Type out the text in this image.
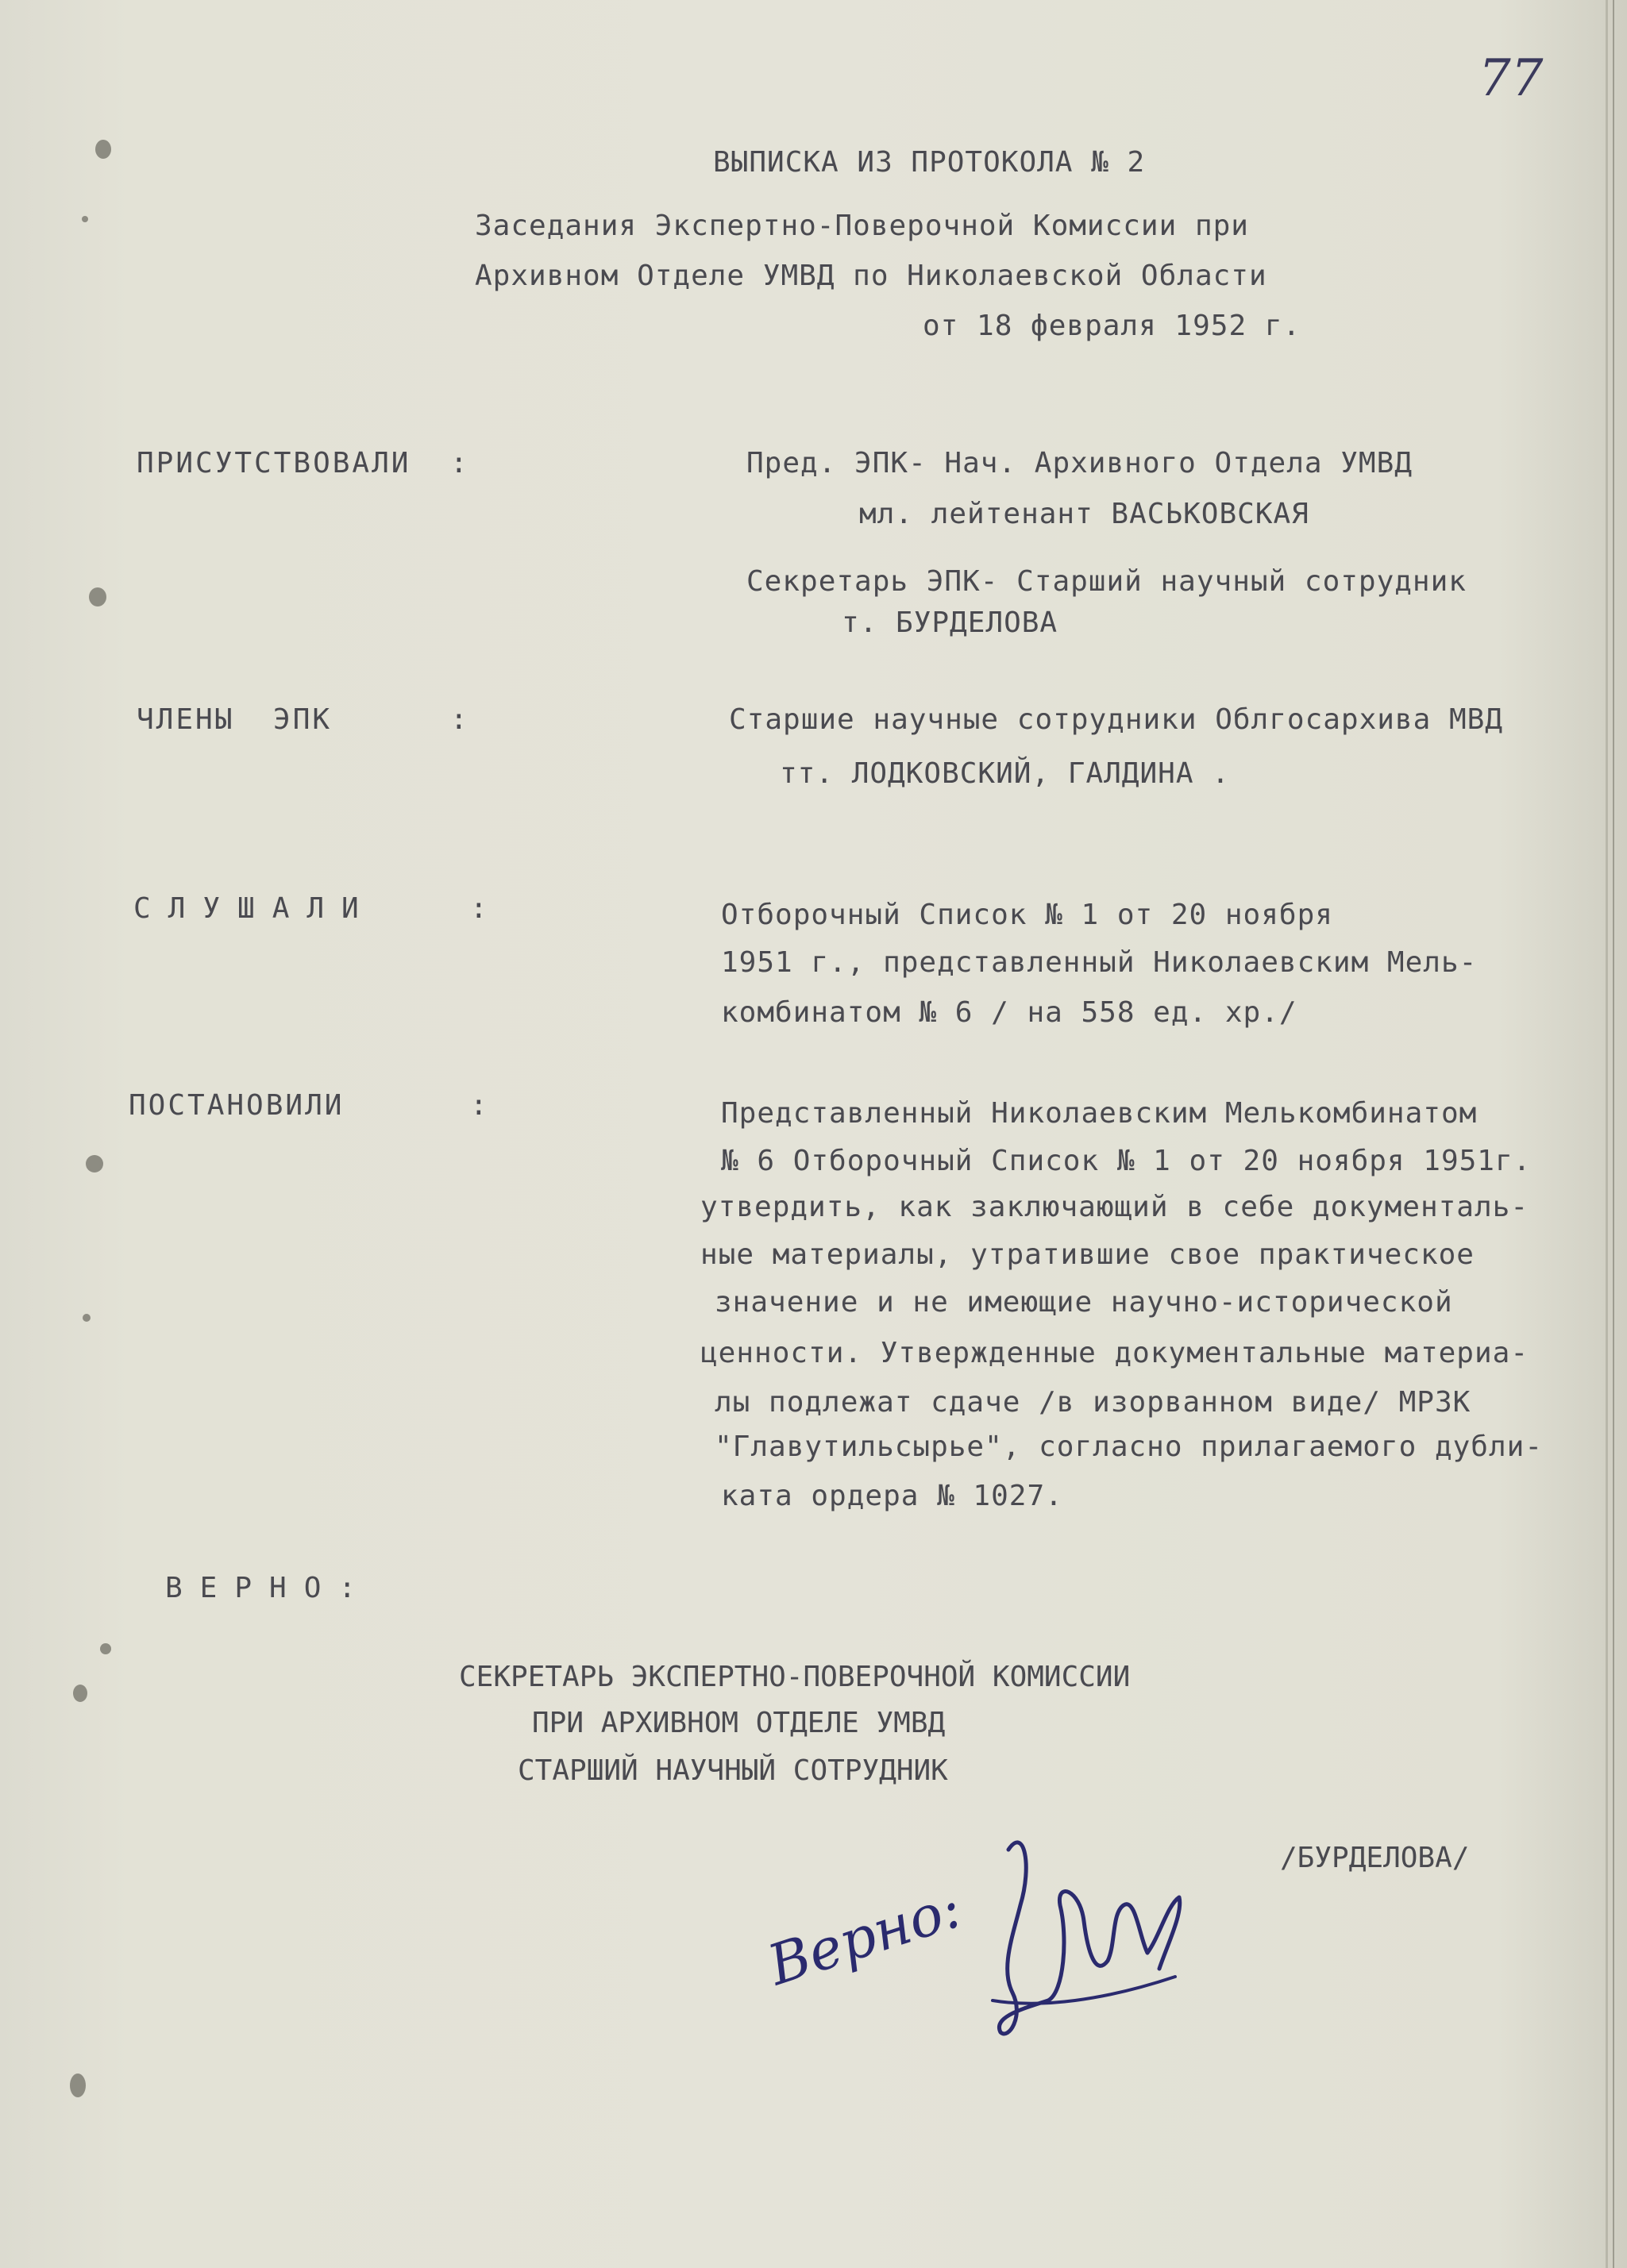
77
ВЫПИСКА ИЗ ПРОТОКОЛА № 2
Заседания Экспертно-Поверочной Комиссии при
Архивном Отделе УМВД по Николаевской Области
от 18 февраля 1952 г.
ПРИСУТСТВОВАЛИ :	Пред. ЭПК- Нач. Архивного Отдела УМВД
мл. лейтенант ВАСЬКОВСКАЯ
Секретарь ЭПК- Старший научный сотрудник
т. БУРДЕЛОВА
ЧЛЕНЫ ЭПК	:	Старшие научные сотрудники Облгосархива МВД
тт. ЛОДКОВСКИЙ, ГАЛДИНА .
СЛУШАЛИ	:	Отборочный Список № 1 от 20 ноября
1951 г., представленный Николаевским Мель-
комбинатом № 6 / на 558 ед. хр./
ПОСТАНОВИЛИ	:	Представленный Николаевским Мелькомбинатом
№ 6 Отборочный Список № 1 от 20 ноября 1951г.
утвердить, как заключающий в себе документаль-
ные материалы, утратившие свое практическое
значение и не имеющие научно-исторической
ценности. Утвержденные документальные материа-
лы подлежат сдаче /в изорванном виде/ МРЗК
"Главутильсырье", согласно прилагаемого дубли-
ката ордера № 1027.
ВЕРНО:
СЕКРЕТАРЬ ЭКСПЕРТНО-ПОВЕРОЧНОЙ КОМИССИИ
ПРИ АРХИВНОМ ОТДЕЛЕ УМВД
СТАРШИЙ НАУЧНЫЙ СОТРУДНИК
/БУРДЕЛОВА/
Верно:
